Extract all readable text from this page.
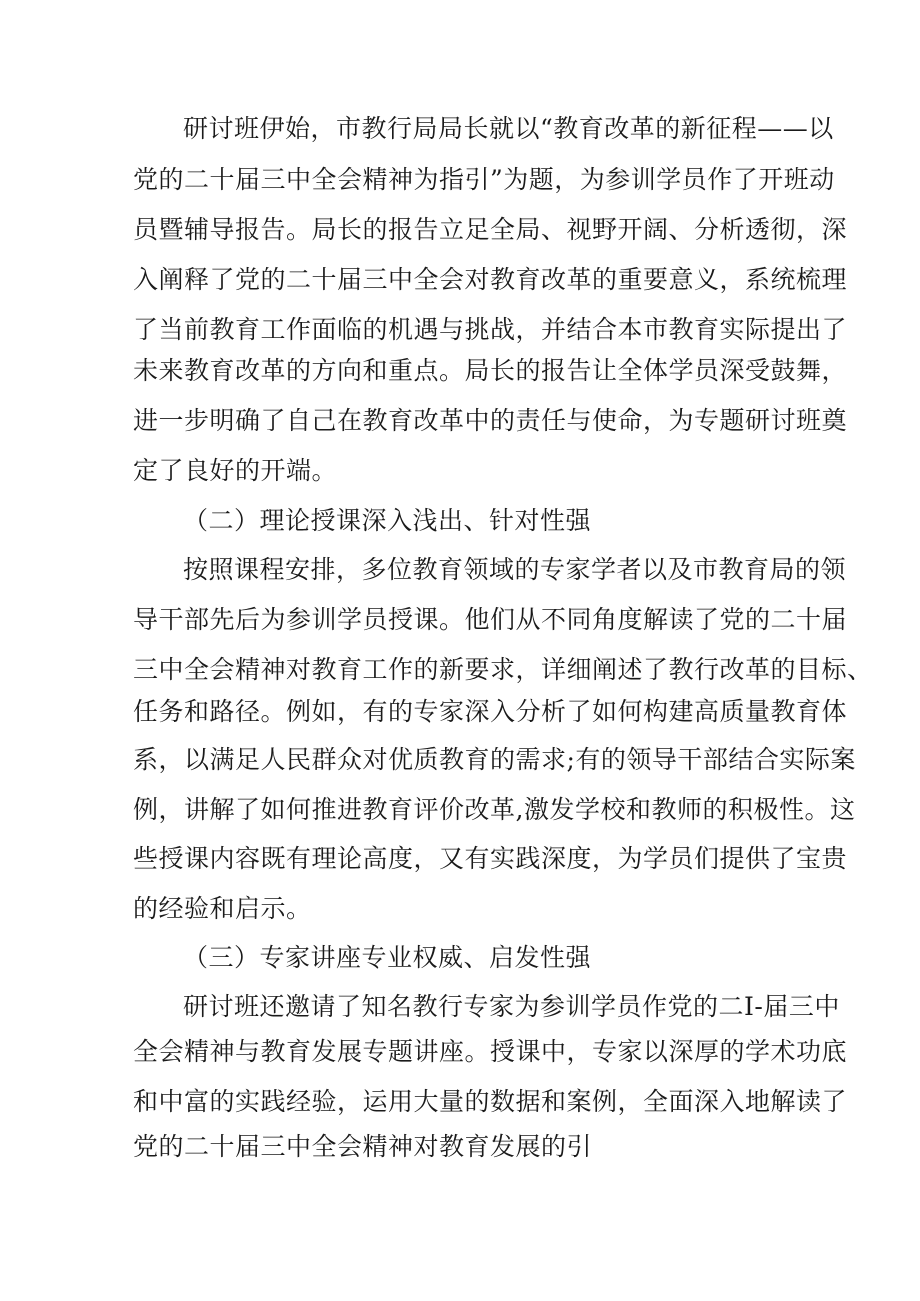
研讨班伊始，市教行局局长就以“教育改革的新征程——以
党的二十届三中全会精神为指引”为题，为参训学员作了开班动
员暨辅导报告。局长的报告立足全局、视野开阔、分析透彻，深
入阐释了党的二十届三中全会对教育改革的重要意义，系统梳理
了当前教育工作面临的机遇与挑战，并结合本市教育实际提出了
未来教育改革的方向和重点。局长的报告让全体学员深受鼓舞，
进一步明确了自己在教育改革中的责任与使命，为专题研讨班奠
定了良好的开端。
（二）理论授课深入浅出、针对性强
按照课程安排，多位教育领域的专家学者以及市教育局的领
导干部先后为参训学员授课。他们从不同角度解读了党的二十届
三中全会精神对教育工作的新要求，详细阐述了教行改革的目标、
任务和路径。例如，有的专家深入分析了如何构建高质量教育体
系，以满足人民群众对优质教育的需求;有的领导干部结合实际案
例，讲解了如何推进教育评价改革,激发学校和教师的积极性。这
些授课内容既有理论高度，又有实践深度，为学员们提供了宝贵
的经验和启示。
（三）专家讲座专业权威、启发性强
研讨班还邀请了知名教行专家为参训学员作党的二I-届三中
全会精神与教育发展专题讲座。授课中，专家以深厚的学术功底
和中富的实践经验，运用大量的数据和案例，全面深入地解读了
党的二十届三中全会精神对教育发展的引
